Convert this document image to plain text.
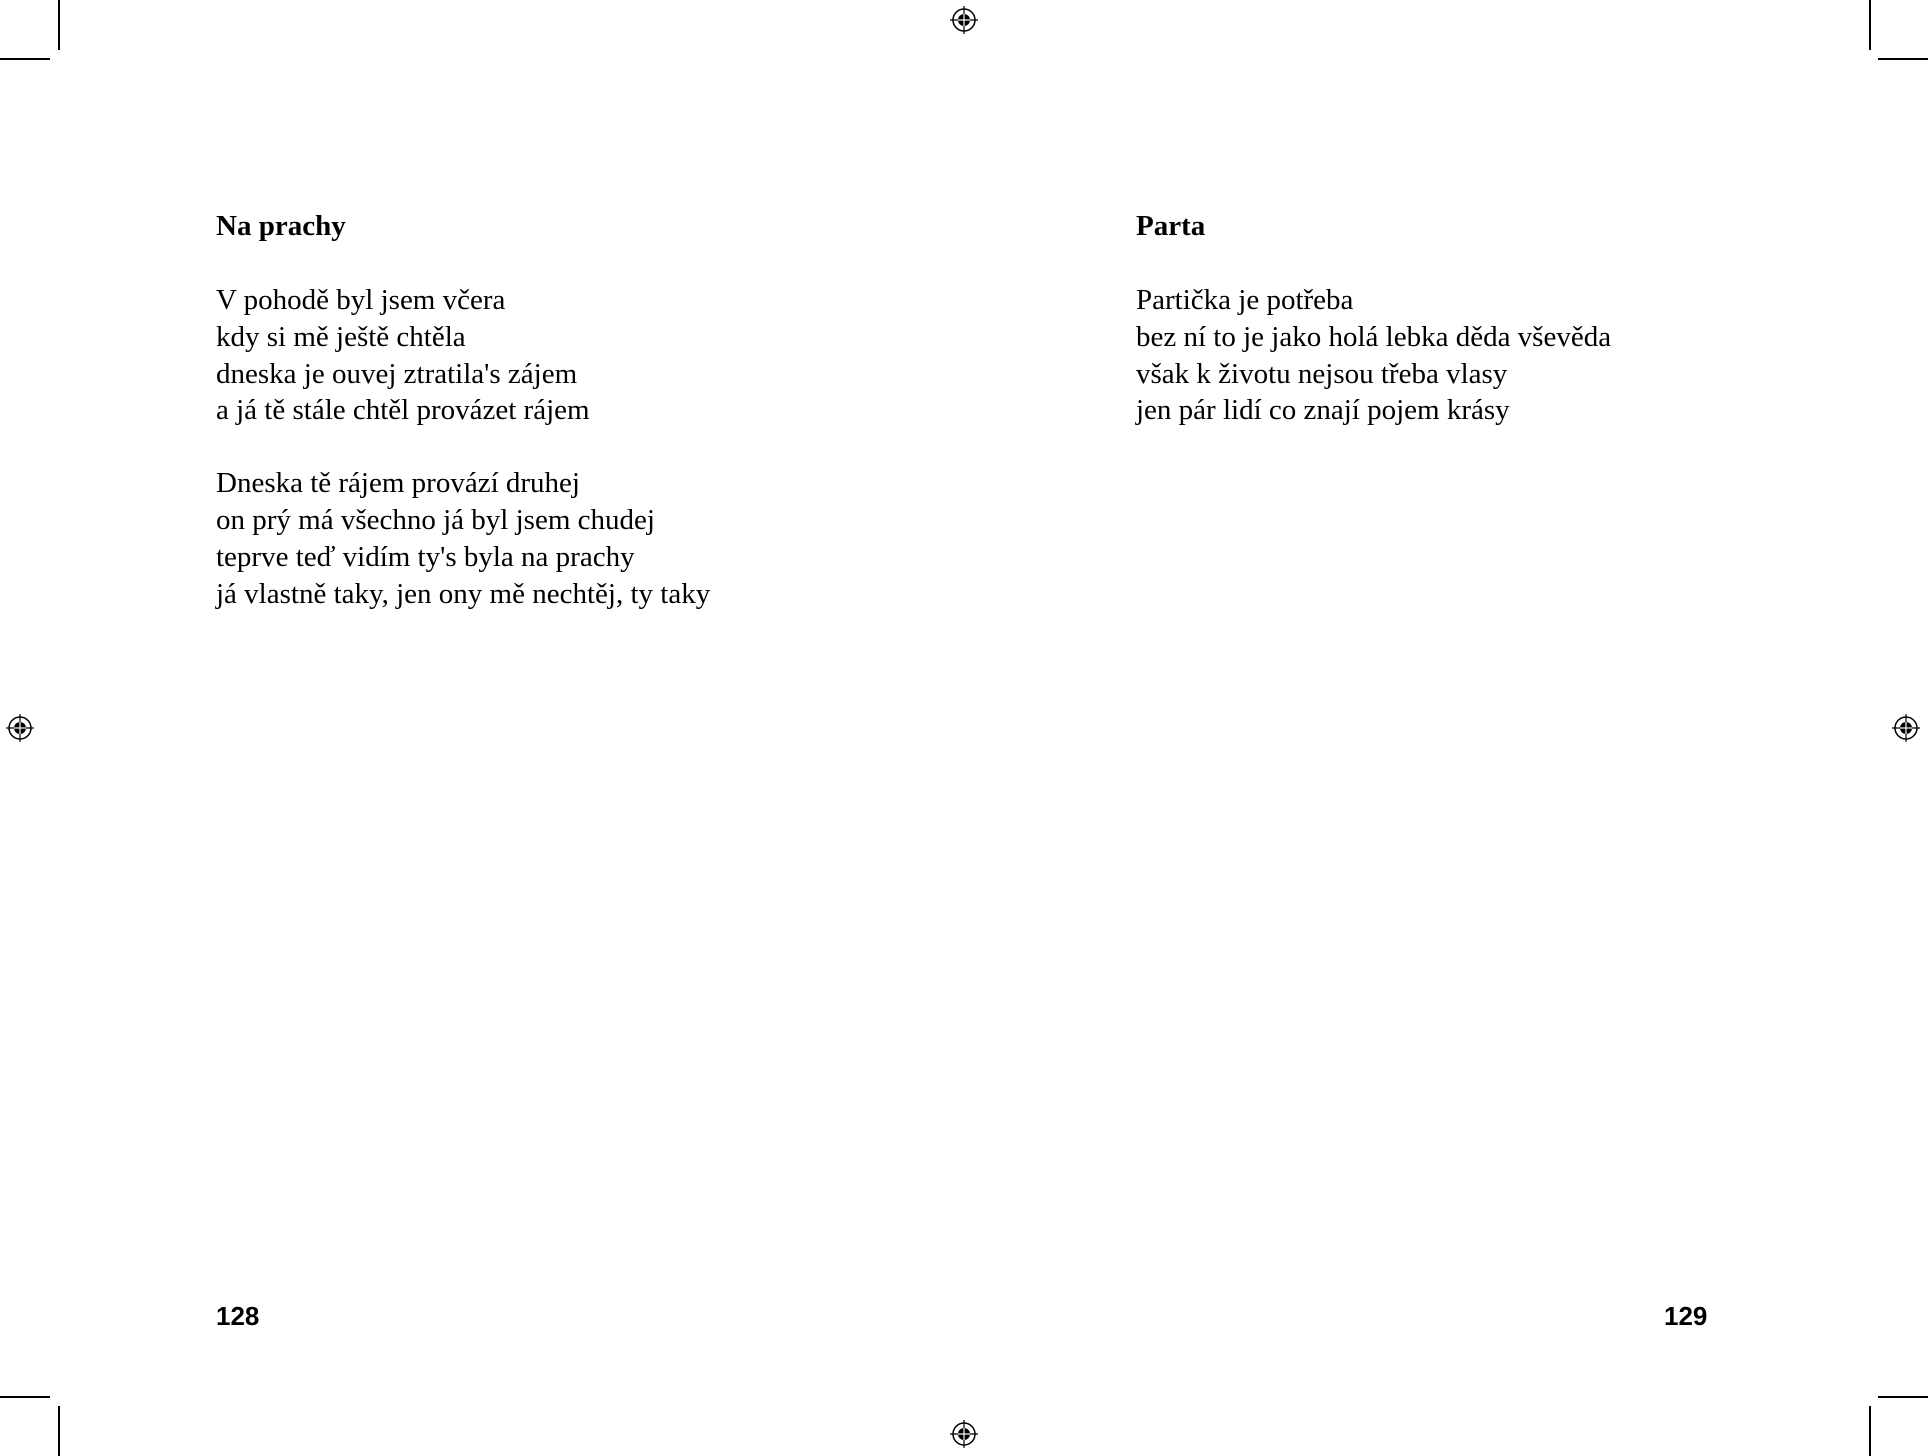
Na prachy
V pohodě byl jsem včera
kdy si mě ještě chtěla
dneska je ouvej ztratila's zájem
a já tě stále chtěl provázet rájem
Dneska tě rájem provází druhej
on prý má všechno já byl jsem chudej
teprve teď vidím ty's byla na prachy
já vlastně taky, jen ony mě nechtěj, ty taky
Parta
Partička je potřeba
bez ní to je jako holá lebka děda vševěda
však k životu nejsou třeba vlasy
jen pár lidí co znají pojem krásy
128	129
